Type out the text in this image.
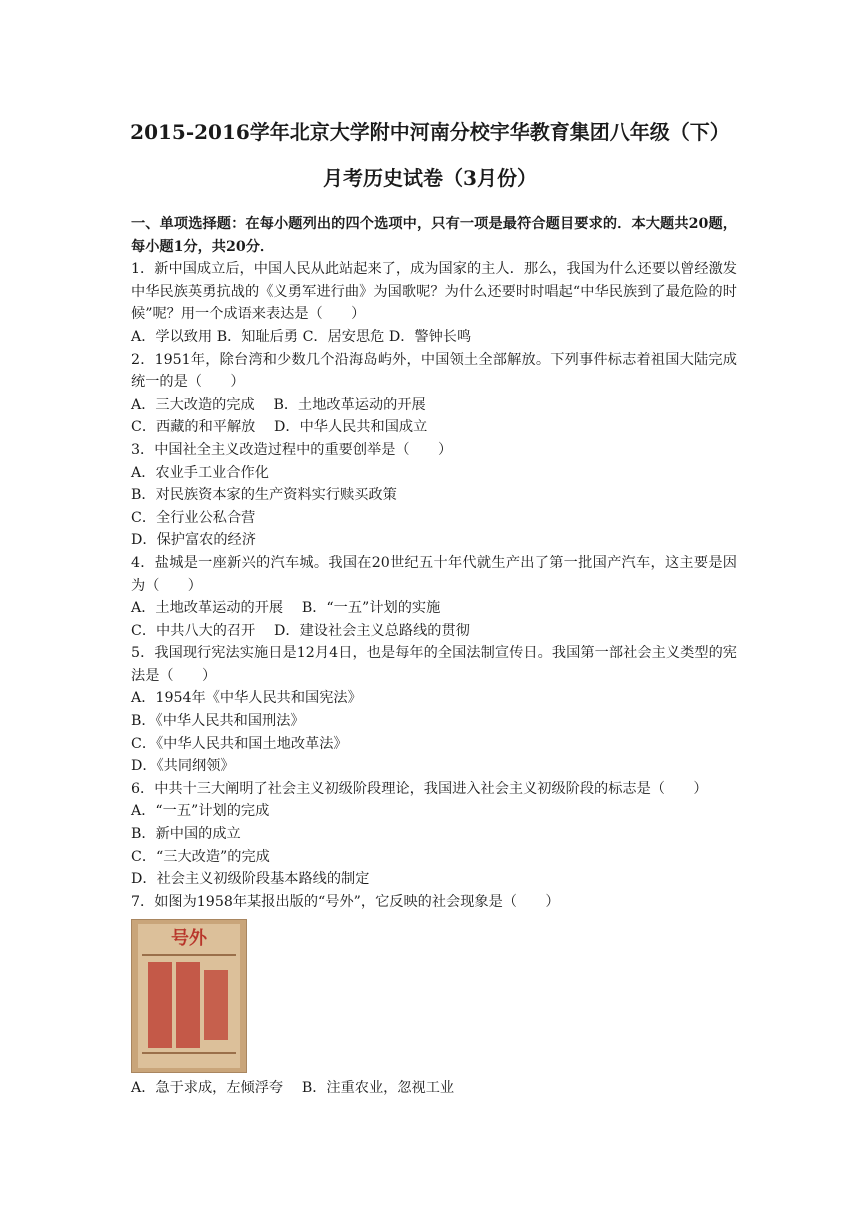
2015-2016学年北京大学附中河南分校宇华教育集团八年级（下）
月考历史试卷（3月份）
一、单项选择题：在每小题列出的四个选项中，只有一项是最符合题目要求的．本大题共20题，每小题1分，共20分．
1．新中国成立后，中国人民从此站起来了，成为国家的主人．那么，我国为什么还要以曾经激发中华民族英勇抗战的《义勇军进行曲》为国歌呢？为什么还要时时唱起“中华民族到了最危险的时候”呢？用一个成语来表达是（　　）
A．学以致用 B．知耻后勇 C．居安思危 D．警钟长鸣
2．1951年，除台湾和少数几个沿海岛屿外，中国领土全部解放。下列事件标志着祖国大陆完成统一的是（　　）
A．三大改造的完成　 B．土地改革运动的开展
C．西藏的和平解放　 D．中华人民共和国成立
3．中国社全主义改造过程中的重要创举是（　　）
A．农业手工业合作化
B．对民族资本家的生产资料实行赎买政策
C．全行业公私合营
D．保护富农的经济
4．盐城是一座新兴的汽车城。我国在20世纪五十年代就生产出了第一批国产汽车，这主要是因为（　　）
A．土地改革运动的开展　 B．“一五”计划的实施
C．中共八大的召开　 D．建设社会主义总路线的贯彻
5．我国现行宪法实施日是12月4日，也是每年的全国法制宣传日。我国第一部社会主义类型的宪法是（　　）
A．1954年《中华人民共和国宪法》
B．《中华人民共和国刑法》
C．《中华人民共和国土地改革法》
D．《共同纲领》
6．中共十三大阐明了社会主义初级阶段理论，我国进入社会主义初级阶段的标志是（　　）
A．“一五”计划的完成
B．新中国的成立
C．“三大改造”的完成
D．社会主义初级阶段基本路线的制定
7．如图为1958年某报出版的“号外”，它反映的社会现象是（　　）
号外
A．急于求成，左倾浮夸　 B．注重农业，忽视工业
